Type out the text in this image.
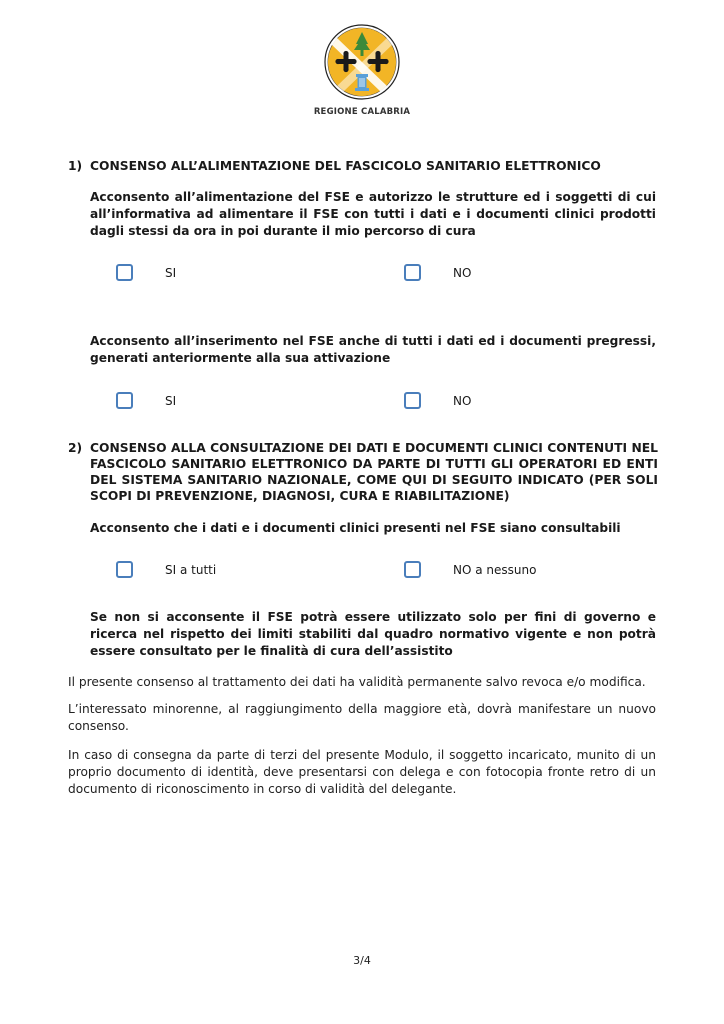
REGIONE CALABRIA
1) CONSENSO ALL’ALIMENTAZIONE DEL FASCICOLO SANITARIO ELETTRONICO
Acconsento all’alimentazione del FSE e autorizzo le strutture ed i soggetti di cui all’informativa ad alimentare il FSE con tutti i dati e i documenti clinici prodotti dagli stessi da ora in poi durante il mio percorso di cura
SI	NO
Acconsento all’inserimento nel FSE anche di tutti i dati ed i documenti pregressi, generati anteriormente alla sua attivazione
SI	NO
2) CONSENSO ALLA CONSULTAZIONE DEI DATI E DOCUMENTI CLINICI CONTENUTI NEL FASCICOLO SANITARIO ELETTRONICO DA PARTE DI TUTTI GLI OPERATORI ED ENTI DEL SISTEMA SANITARIO NAZIONALE, COME QUI DI SEGUITO INDICATO (PER SOLI SCOPI DI PREVENZIONE, DIAGNOSI, CURA E RIABILITAZIONE)
Acconsento che i dati e i documenti clinici presenti nel FSE siano consultabili
SI a tutti	NO a nessuno
Se non si acconsente il FSE potrà essere utilizzato solo per fini di governo e ricerca nel rispetto dei limiti stabiliti dal quadro normativo vigente e non potrà essere consultato per le finalità di cura dell’assistito
Il presente consenso al trattamento dei dati ha validità permanente salvo revoca e/o modifica.
L’interessato minorenne, al raggiungimento della maggiore età, dovrà manifestare un nuovo consenso.
In caso di consegna da parte di terzi del presente Modulo, il soggetto incaricato, munito di un proprio documento di identità, deve presentarsi con delega e con fotocopia fronte retro di un documento di riconoscimento in corso di validità del delegante.
3/4
